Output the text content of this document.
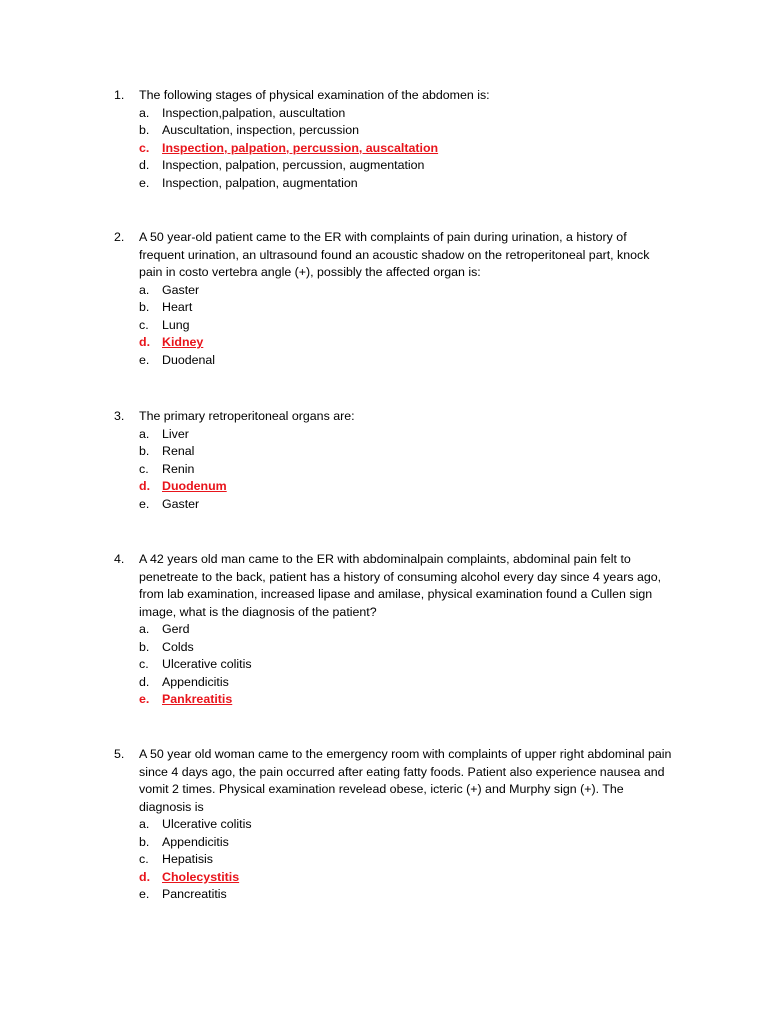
1.	The following stages of physical examination of the abdomen is:
a.	Inspection,palpation, auscultation
b.	Auscultation, inspection, percussion
c.	Inspection, palpation, percussion, auscaltation
d.	Inspection, palpation, percussion, augmentation
e.	Inspection, palpation, augmentation
2.	A 50 year-old patient came to the ER with complaints of pain during urination, a history of frequent urination, an ultrasound found an acoustic shadow on the retroperitoneal part, knock pain in costo vertebra angle (+), possibly the affected organ is:
a.	Gaster
b.	Heart
c.	Lung
d. Kidney
e.	Duodenal
3.	The primary retroperitoneal organs are:
a.	Liver
b.	Renal
c.	Renin
d. Duodenum
e.	Gaster
4.	A 42 years old man came to the ER with abdominalpain complaints, abdominal pain felt to penetreate to the back, patient has a history of consuming alcohol every day since 4 years ago, from lab examination, increased lipase and amilase, physical examination found a Cullen sign image, what is the diagnosis of the patient?
a.	Gerd
b.	Colds
c.	Ulcerative colitis
d.	Appendicitis
e.	Pankreatitis
5.	A 50 year old woman came to the emergency room with complaints of upper right abdominal pain since 4 days ago, the pain occurred after eating fatty foods. Patient also experience nausea and vomit 2 times. Physical examination revelead obese, icteric (+) and Murphy sign (+). The diagnosis is
a.	Ulcerative colitis
b.	Appendicitis
c.	Hepatisis
d. Cholecystitis
e.	Pancreatitis
